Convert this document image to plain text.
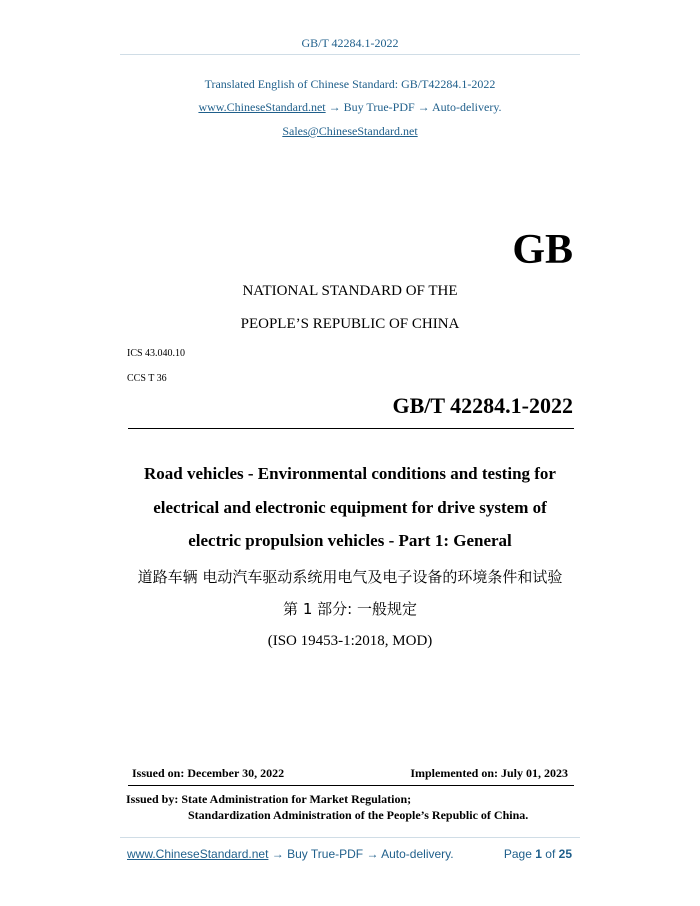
GB/T 42284.1-2022
Translated English of Chinese Standard: GB/T42284.1-2022
www.ChineseStandard.net → Buy True-PDF → Auto-delivery.
Sales@ChineseStandard.net
GB
NATIONAL STANDARD OF THE
PEOPLE’S REPUBLIC OF CHINA
ICS 43.040.10
CCS T 36
GB/T 42284.1-2022
Road vehicles - Environmental conditions and testing for
electrical and electronic equipment for drive system of
electric propulsion vehicles - Part 1: General
道路车辆 电动汽车驱动系统用电气及电子设备的环境条件和试验
第 1 部分: 一般规定
(ISO 19453-1:2018, MOD)
Issued on: December 30, 2022	Implemented on: July 01, 2023
Issued by: State Administration for Market Regulation;
Standardization Administration of the People’s Republic of China.
www.ChineseStandard.net → Buy True-PDF → Auto-delivery.	Page 1 of 25
